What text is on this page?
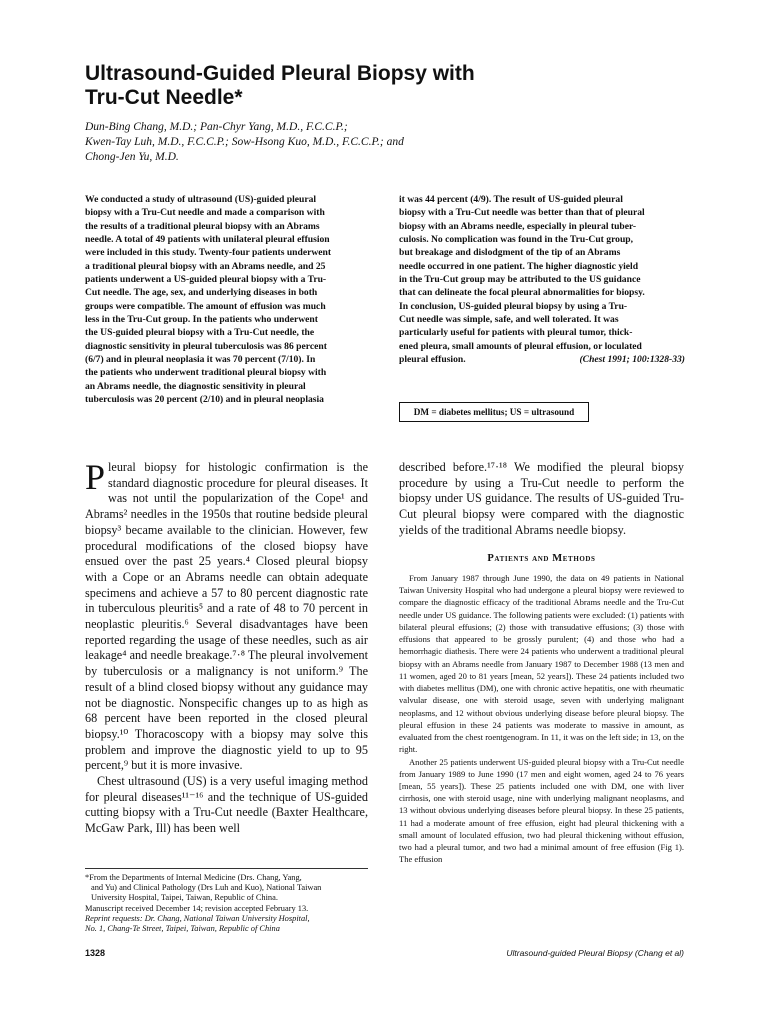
Ultrasound-Guided Pleural Biopsy with
Tru-Cut Needle*
Dun-Bing Chang, M.D.; Pan-Chyr Yang, M.D., F.C.C.P.;
Kwen-Tay Luh, M.D., F.C.C.P.; Sow-Hsong Kuo, M.D., F.C.C.P.; and
Chong-Jen Yu, M.D.
We conducted a study of ultrasound (US)-guided pleural
biopsy with a Tru-Cut needle and made a comparison with
the results of a traditional pleural biopsy with an Abrams
needle. A total of 49 patients with unilateral pleural effusion
were included in this study. Twenty-four patients underwent
a traditional pleural biopsy with an Abrams needle, and 25
patients underwent a US-guided pleural biopsy with a Tru-
Cut needle. The age, sex, and underlying diseases in both
groups were compatible. The amount of effusion was much
less in the Tru-Cut group. In the patients who underwent
the US-guided pleural biopsy with a Tru-Cut needle, the
diagnostic sensitivity in pleural tuberculosis was 86 percent
(6/7) and in pleural neoplasia it was 70 percent (7/10). In
the patients who underwent traditional pleural biopsy with
an Abrams needle, the diagnostic sensitivity in pleural
tuberculosis was 20 percent (2/10) and in pleural neoplasia
it was 44 percent (4/9). The result of US-guided pleural
biopsy with a Tru-Cut needle was better than that of pleural
biopsy with an Abrams needle, especially in pleural tuber-
culosis. No complication was found in the Tru-Cut group,
but breakage and dislodgment of the tip of an Abrams
needle occurred in one patient. The higher diagnostic yield
in the Tru-Cut group may be attributed to the US guidance
that can delineate the focal pleural abnormalities for biopsy.
In conclusion, US-guided pleural biopsy by using a Tru-
Cut needle was simple, safe, and well tolerated. It was
particularly useful for patients with pleural tumor, thick-
ened pleura, small amounts of pleural effusion, or loculated
pleural effusion.	(Chest 1991; 100:1328-33)
DM = diabetes mellitus; US = ultrasound

Pleural biopsy for histologic confirmation is the standard diagnostic procedure for pleural diseases. It was not until the popularization of the Cope¹ and Abrams² needles in the 1950s that routine bedside pleural biopsy³ became available to the clinician. However, few procedural modifications of the closed biopsy have ensued over the past 25 years.⁴ Closed pleural biopsy with a Cope or an Abrams needle can obtain adequate specimens and achieve a 57 to 80 percent diagnostic rate in tuberculous pleuritis⁵ and a rate of 48 to 70 percent in neoplastic pleuritis.⁶ Several disadvantages have been reported regarding the usage of these needles, such as air leakage⁴ and needle breakage.⁷·⁸ The pleural involvement by tuberculosis or a malignancy is not uniform.⁹ The result of a blind closed biopsy without any guidance may not be diagnostic. Nonspecific changes up to as high as 68 percent have been reported in the closed pleural biopsy.¹⁰ Thoracoscopy with a biopsy may solve this problem and improve the diagnostic yield to up to 95 percent,⁹ but it is more invasive.

Chest ultrasound (US) is a very useful imaging method for pleural diseases¹¹⁻¹⁶ and the technique of US-guided cutting biopsy with a Tru-Cut needle (Baxter Healthcare, McGaw Park, Ill) has been well

*From the Departments of Internal Medicine (Drs. Chang, Yang,
and Yu) and Clinical Pathology (Drs Luh and Kuo), National Taiwan
University Hospital, Taipei, Taiwan, Republic of China.
Manuscript received December 14; revision accepted February 13.
Reprint requests: Dr. Chang, National Taiwan University Hospital,
No. 1, Chang-Te Street, Taipei, Taiwan, Republic of China

described before.¹⁷·¹⁸ We modified the pleural biopsy procedure by using a Tru-Cut needle to perform the biopsy under US guidance. The results of US-guided Tru-Cut pleural biopsy were compared with the diagnostic yields of the traditional Abrams needle biopsy.

Patients and Methods

From January 1987 through June 1990, the data on 49 patients in National Taiwan University Hospital who had undergone a pleural biopsy were reviewed to compare the diagnostic efficacy of the traditional Abrams needle and the Tru-Cut needle under US guidance. The following patients were excluded: (1) patients with bilateral pleural effusions; (2) those with transudative effusions; (3) those with effusions that appeared to be grossly purulent; (4) and those who had a hemorrhagic diathesis. There were 24 patients who underwent a traditional pleural biopsy with an Abrams needle from January 1987 to December 1988 (13 men and 11 women, aged 20 to 81 years [mean, 52 years]). These 24 patients included two with diabetes mellitus (DM), one with chronic active hepatitis, one with rheumatic valvular disease, one with steroid usage, seven with underlying malignant neoplasms, and 12 without obvious underlying disease before pleural biopsy. The pleural effusion in these 24 patients was moderate to massive in amount, as evaluated from the chest roentgenogram. In 11, it was on the left side; in 13, on the right.

Another 25 patients underwent US-guided pleural biopsy with a Tru-Cut needle from January 1989 to June 1990 (17 men and eight women, aged 24 to 76 years [mean, 55 years]). These 25 patients included one with DM, one with liver cirrhosis, one with steroid usage, nine with underlying malignant neoplasms, and 13 without obvious underlying diseases before pleural biopsy. In these 25 patients, 11 had a moderate amount of free effusion, eight had pleural thickening with a small amount of loculated effusion, two had pleural thickening without effusion, two had a pleural tumor, and two had a minimal amount of free effusion (Fig 1). The effusion

1328	Ultrasound-guided Pleural Biopsy (Chang et al)
